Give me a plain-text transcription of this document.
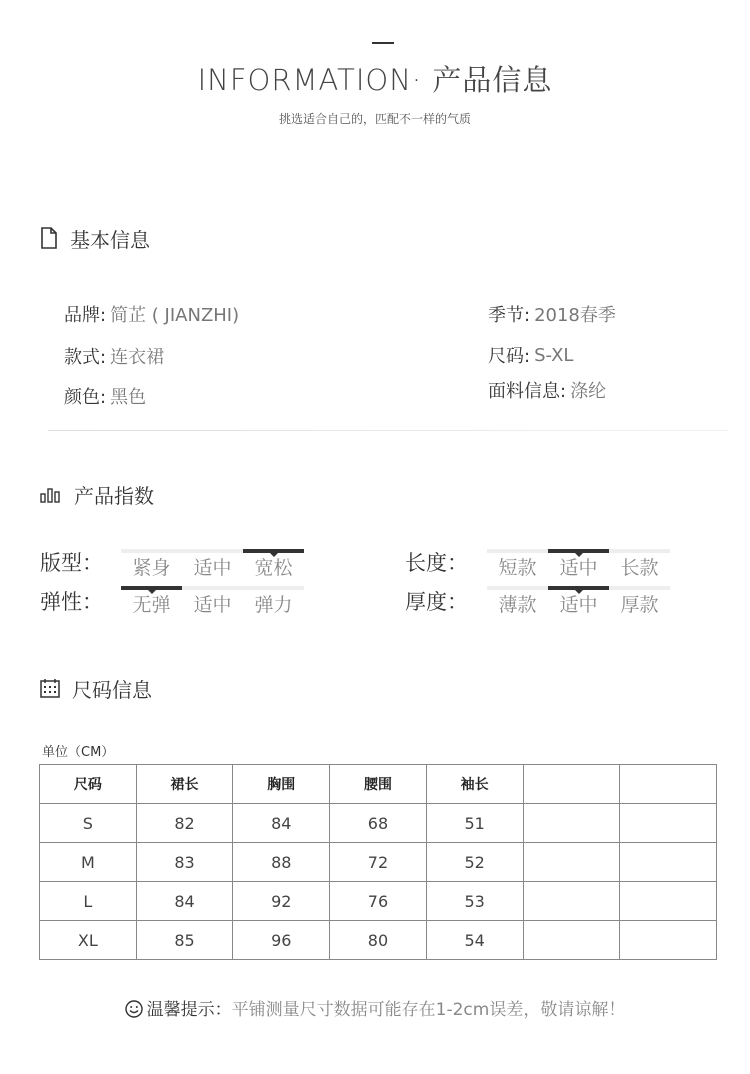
INFORMATION· 产品信息
挑选适合自己的，匹配不一样的气质
基本信息
品牌: 简芷 ( JIANZHI)
款式: 连衣裙
颜色: 黑色
季节: 2018春季
尺码: S-XL
面料信息: 涤纶
产品指数
版型：	紧身	适中	宽松
弹性：	无弹	适中	弹力
长度：	短款	适中	长款
厚度：	薄款	适中	厚款
尺码信息
单位（CM）
尺码	裙长	胸围	腰围	袖长		
S	82	84	68	51		
M	83	88	72	52		
L	84	92	76	53		
XL	85	96	80	54		
温馨提示：平铺测量尺寸数据可能存在1-2cm误差，敬请谅解！
